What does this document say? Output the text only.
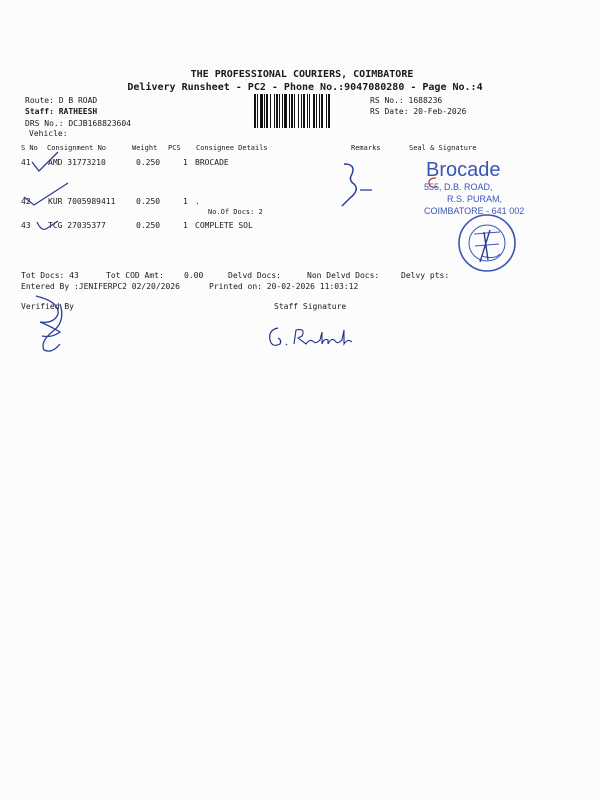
THE PROFESSIONAL COURIERS, COIMBATORE
Delivery Runsheet - PC2 - Phone No.:9047080280 - Page No.:4
Route: D B ROAD
Staff: RATHEESH
DRS No.: DCJB168823604
Vehicle:
RS No.: 1688236
RS Date: 20-Feb-2026
S No Consignment No	Weight PCS Consignee Details	Remarks	Seal & Signature
41 AMD 31773210	0.250	1 BROCADE
42 KUR 7005989411	0.250	1 .
No.Of Docs: 2
43 TCG 27035377	0.250	1 COMPLETE SOL
Brocade
555, D.B. ROAD,
R.S. PURAM,
COIMBATORE - 641 002
Tot Docs: 43	Tot COD Amt:	0.00	Delvd Docs:	Non Delvd Docs:	Delvy pts:
Entered By :JENIFERPC2 02/20/2026	Printed on: 20-02-2026 11:03:12
Verified By	Staff Signature
